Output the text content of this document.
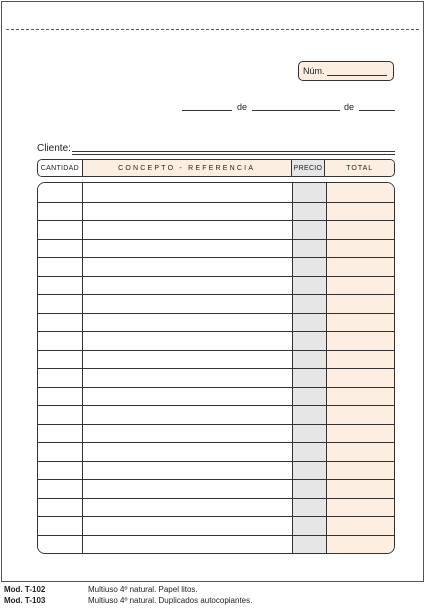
Núm.
de	de
Cliente:
CANTIDAD	CONCEPTO - REFERENCIA	PRECIO	TOTAL
Mod. T-102	Multiuso 4º natural. Papel litos.
Mod. T-103	Multiuso 4º natural. Duplicados autocopiantes.
